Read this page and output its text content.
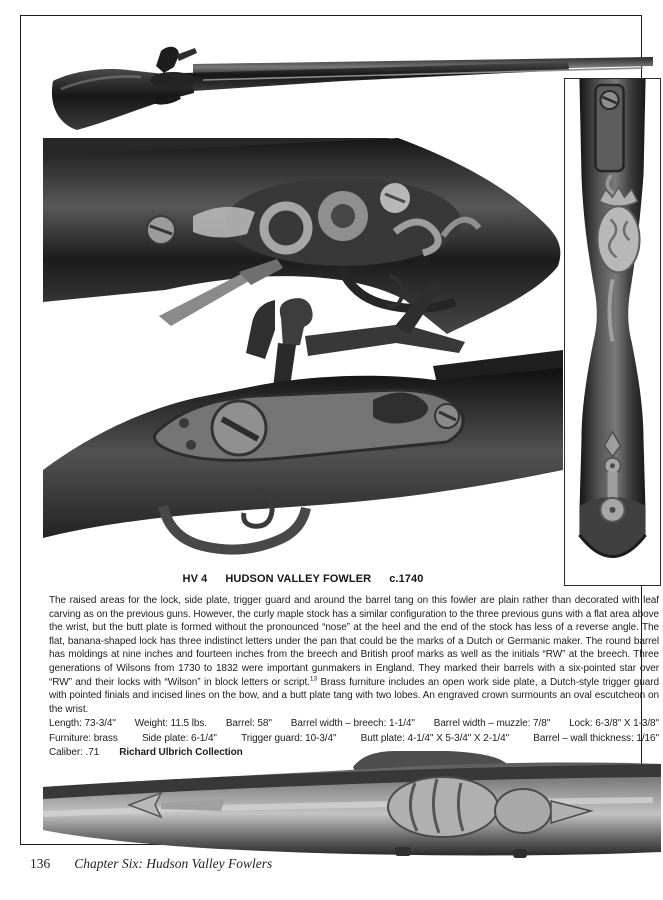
HV 4 HUDSON VALLEY FOWLER c.1740
The raised areas for the lock, side plate, trigger guard and around the barrel tang on this fowler are plain rather than decorated with leaf carving as on the previous guns. However, the curly maple stock has a similar configuration to the three previous guns with a flat area above the wrist, but the butt plate is formed without the pronounced “nose” at the heel and the end of the stock has less of a reverse angle. The flat, banana-shaped lock has three indistinct letters under the pan that could be the marks of a Dutch or Germanic maker. The round barrel has moldings at nine inches and fourteen inches from the breech and British proof marks as well as the initials “RW” at the breech. Three generations of Wilsons from 1730 to 1832 were important gunmakers in England. They marked their barrels with a six-pointed star over “RW” and their locks with “Wilson” in block letters or script.$^{13}$ Brass furniture includes an open work side plate, a Dutch-style trigger guard with pointed finials and incised lines on the bow, and a butt plate tang with two lobes. An engraved crown surmounts an oval escutcheon on the wrist.
Length: 73-3/4" Weight: 11.5 lbs. Barrel: 58" Barrel width – breech: 1-1/4" Barrel width – muzzle: 7/8" Lock: 6-3/8" X 1-3/8"
Furniture: brass Side plate: 6-1/4" Trigger guard: 10-3/4" Butt plate: 4-1/4" X 5-3/4" X 2-1/4" Barrel – wall thickness: 1/16"
Caliber: .71 Richard Ulbrich Collection
136 Chapter Six: Hudson Valley Fowlers
